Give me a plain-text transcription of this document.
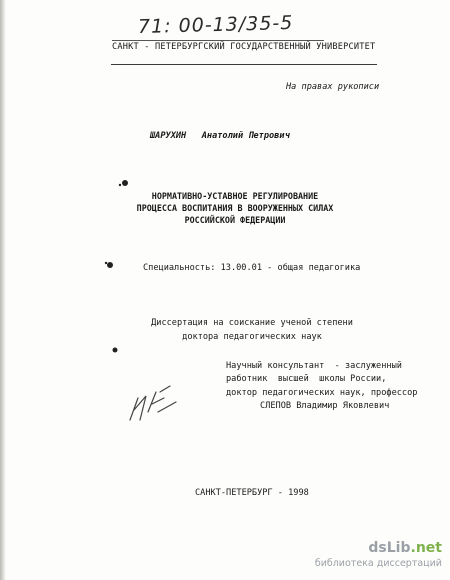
71: 00-13/35-5
САНКТ - ПЕТЕРБУРГСКИЙ ГОСУДАРСТВЕННЫЙ УНИВЕРСИТЕТ
На правах рукописи
ШАРУХИН   Анатолий Петрович
НОРМАТИВНО-УСТАВНОЕ РЕГУЛИРОВАНИЕ
ПРОЦЕССА ВОСПИТАНИЯ В ВООРУЖЕННЫХ СИЛАХ
РОССИЙСКОЙ ФЕДЕРАЦИИ
Специальность: 13.00.01 - общая педагогика
Диссертация на соискание ученой степени
доктора педагогических наук
Научный консультант  - заслуженный
работник  высшей  школы России,
доктор педагогических наук, профессор
СЛЕПОВ Владимир Яковлевич
САНКТ-ПЕТЕРБУРГ - 1998
dsLib.net
библиотека диссертаций
